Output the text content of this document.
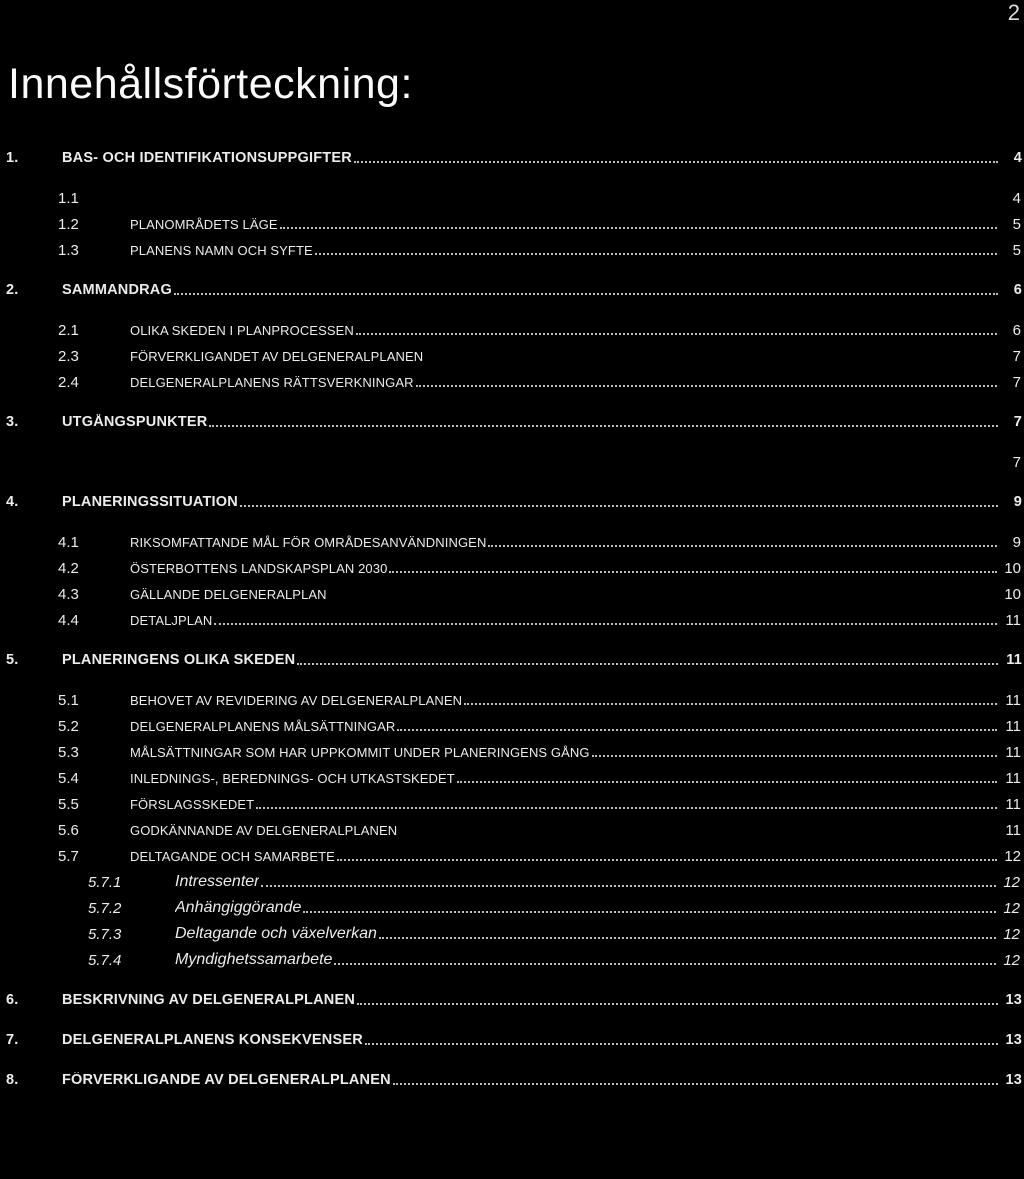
2
Innehållsförteckning:
1.	BAS- OCH IDENTIFIKATIONSUPPGIFTER	4
1.1	4
1.2	PLANOMRÅDETS LÄGE	5
1.3	PLANENS NAMN OCH SYFTE	5
2.	SAMMANDRAG	6
2.1	OLIKA SKEDEN I PLANPROCESSEN	6
2.3	FÖRVERKLIGANDET AV DELGENERALPLANEN	7
2.4	DELGENERALPLANENS RÄTTSVERKNINGAR	7
3.	UTGÅNGSPUNKTER	7
7
4.	PLANERINGSSITUATION	9
4.1	RIKSOMFATTANDE MÅL FÖR OMRÅDESANVÄNDNINGEN	9
4.2	ÖSTERBOTTENS LANDSKAPSPLAN 2030	10
4.3	GÄLLANDE DELGENERALPLAN	10
4.4	DETALJPLAN	11
5.	PLANERINGENS OLIKA SKEDEN	11
5.1	BEHOVET AV REVIDERING AV DELGENERALPLANEN	11
5.2	DELGENERALPLANENS MÅLSÄTTNINGAR	11
5.3	MÅLSÄTTNINGAR SOM HAR UPPKOMMIT UNDER PLANERINGENS GÅNG	11
5.4	INLEDNINGS-, BEREDNINGS- OCH UTKASTSKEDET	11
5.5	FÖRSLAGSSKEDET	11
5.6	GODKÄNNANDE AV DELGENERALPLANEN	11
5.7	DELTAGANDE OCH SAMARBETE	12
5.7.1	Intressenter	12
5.7.2	Anhängiggörande	12
5.7.3	Deltagande och växelverkan	12
5.7.4	Myndighetssamarbete	12
6.	BESKRIVNING AV DELGENERALPLANEN	13
7.	DELGENERALPLANENS KONSEKVENSER	13
8.	FÖRVERKLIGANDE AV DELGENERALPLANEN	13
